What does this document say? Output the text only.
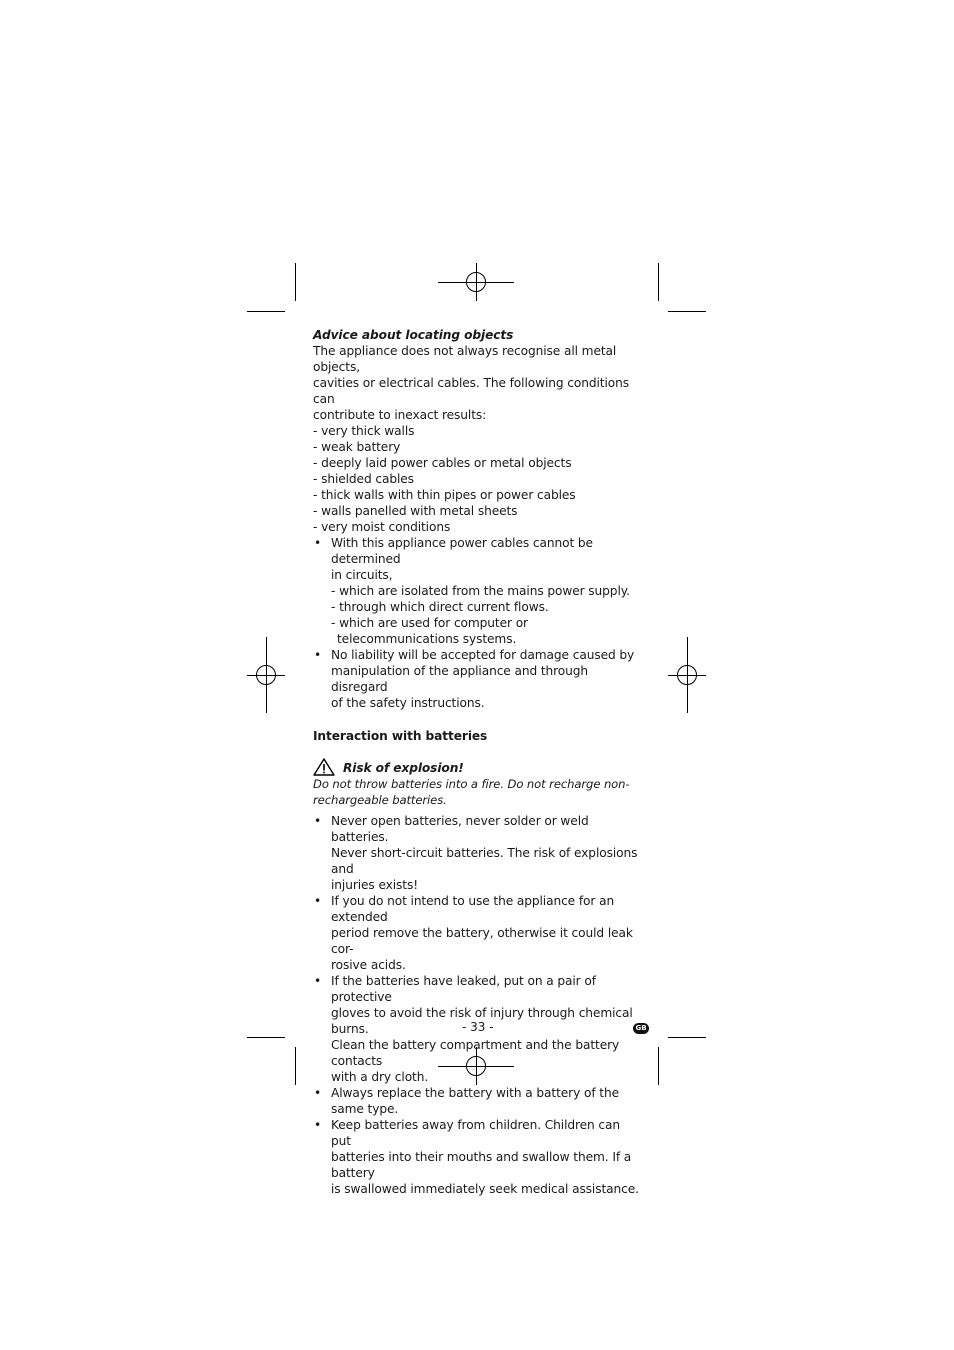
Advice about locating objects

The appliance does not always recognise all metal objects,

cavities or electrical cables. The following conditions can

contribute to inexact results:

- very thick walls
- weak battery
- deeply laid power cables or metal objects
- shielded cables
- thick walls with thin pipes or power cables
- walls panelled with metal sheets
- very moist conditions
• With this appliance power cables cannot be determined
in circuits,
- which are isolated from the mains power supply.
- through which direct current flows.
- which are used for computer or telecommunications systems.
• No liability will be accepted for damage caused by
manipulation of the appliance and through disregard
of the safety instructions.

Interaction with batteries

Risk of explosion!

Do not throw batteries into a fire. Do not recharge non-

rechargeable batteries.

• Never open batteries, never solder or weld batteries.
Never short-circuit batteries. The risk of explosions and
injuries exists!
• If you do not intend to use the appliance for an extended
period remove the battery, otherwise it could leak cor-
rosive acids.
• If the batteries have leaked, put on a pair of protective
gloves to avoid the risk of injury through chemical burns.
Clean the battery compartment and the battery contacts
with a dry cloth.
• Always replace the battery with a battery of the same type.
• Keep batteries away from children. Children can put
batteries into their mouths and swallow them. If a battery
is swallowed immediately seek medical assistance.
- 33 -	GB
